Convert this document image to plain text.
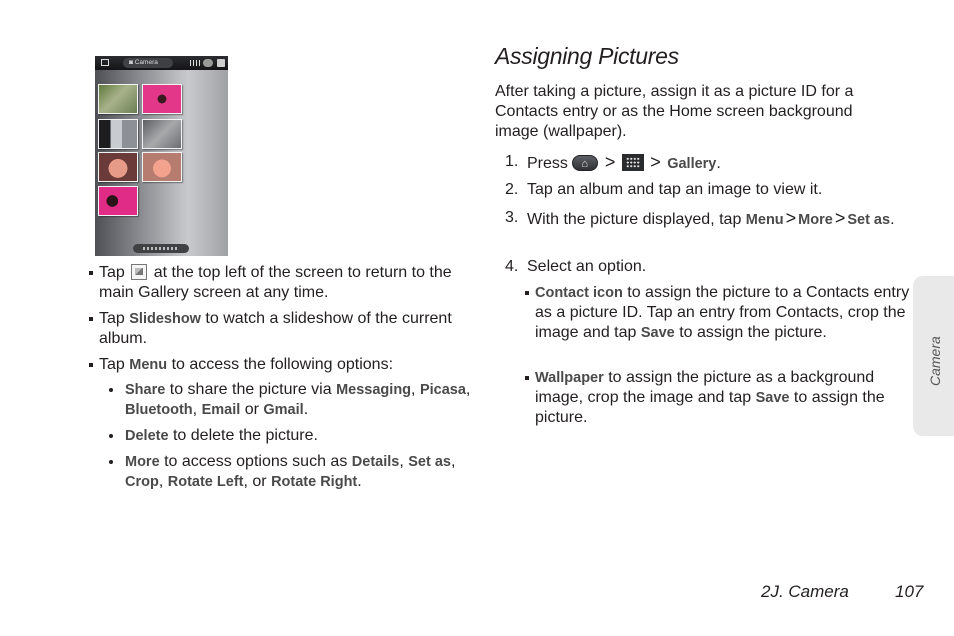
◙ Camera

Tap at the top left of the screen to return to the main Gallery screen at any time.

Tap Slideshow to watch a slideshow of the current album.

Tap Menu to access the following options:

Share to share the picture via Messaging, Picasa, Bluetooth, Email or Gmail.

Delete to delete the picture.

More to access options such as Details, Set as, Crop, Rotate Left, or Rotate Right.

Assigning Pictures

After taking a picture, assign it as a picture ID for a Contacts entry or as the Home screen background image (wallpaper).

1. Press ⌂ > > Gallery.

2. Tap an album and tap an image to view it.

3. With the picture displayed, tap Menu > More > Set as.

4. Select an option.

Contact icon to assign the picture to a Contacts entry as a picture ID. Tap an entry from Contacts, crop the image and tap Save to assign the picture.

Wallpaper to assign the picture as a background image, crop the image and tap Save to assign the picture.

Camera
2J. Camera	107
